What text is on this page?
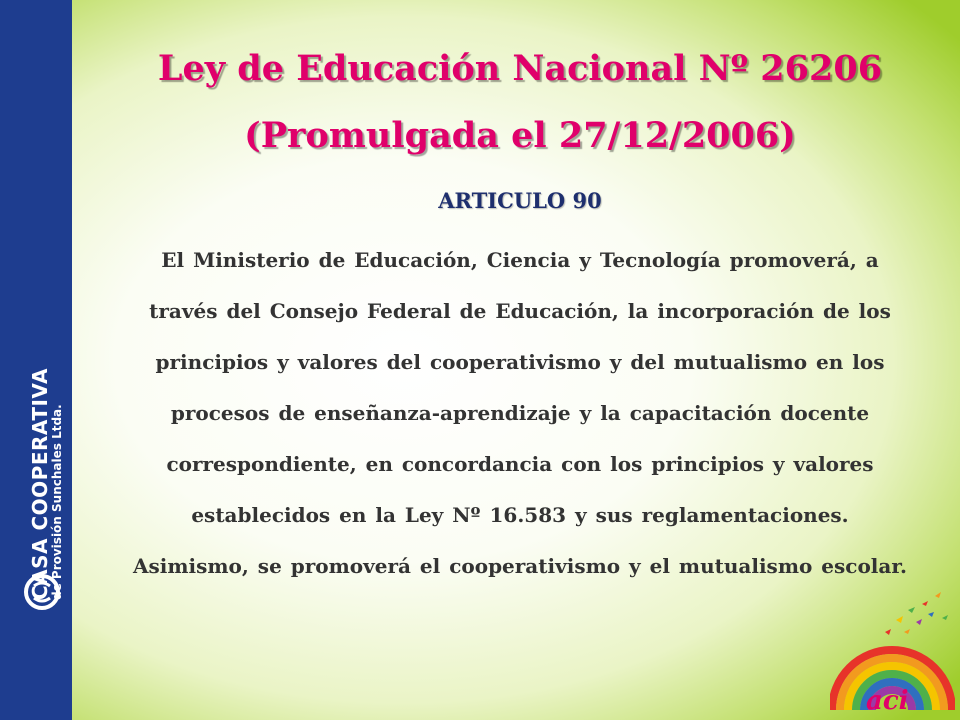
CASA COOPERATIVA
de Provisión Sunchales Ltda.
Ley de Educación Nacional Nº 26206
(Promulgada el 27/12/2006)
ARTICULO 90
El Ministerio de Educación, Ciencia y Tecnología promoverá, a través del Consejo Federal de Educación, la incorporación de los principios y valores del cooperativismo y del mutualismo en los procesos de enseñanza-aprendizaje y la capacitación docente correspondiente, en concordancia con los principios y valores establecidos en la Ley Nº 16.583 y sus reglamentaciones. Asimismo, se promoverá el cooperativismo y el mutualismo escolar.
aci
